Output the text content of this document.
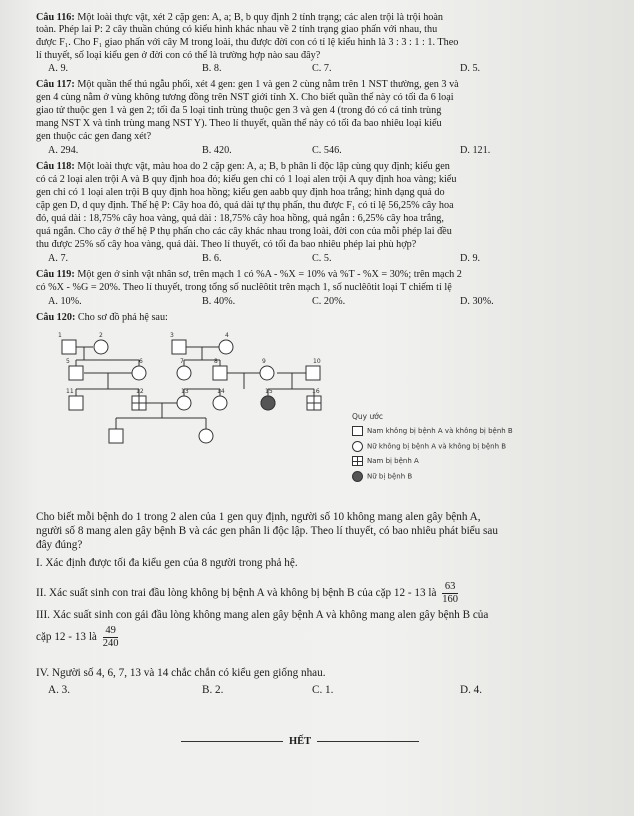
Câu 116: Một loài thực vật, xét 2 cặp gen: A, a; B, b quy định 2 tính trạng; các alen trội là trội hoàn
toàn. Phép lai P: 2 cây thuần chủng có kiểu hình khác nhau về 2 tính trạng giao phấn với nhau, thu
được F₁. Cho F₁ giao phấn với cây M trong loài, thu được đời con có tỉ lệ kiểu hình là 3 : 3 : 1 : 1. Theo
lí thuyết, số loại kiểu gen ở đời con có thể là trường hợp nào sau đây?
A. 9.	B. 8.	C. 7.	D. 5.
Câu 117: Một quần thể thú ngẫu phối, xét 4 gen: gen 1 và gen 2 cùng nằm trên 1 NST thường, gen 3 và
gen 4 cùng nằm ở vùng không tương đồng trên NST giới tính X. Cho biết quần thể này có tối đa 6 loại
giao tử thuộc gen 1 và gen 2; tối đa 5 loại tinh trùng thuộc gen 3 và gen 4 (trong đó có cả tinh trùng
mang NST X và tinh trùng mang NST Y). Theo lí thuyết, quần thể này có tối đa bao nhiêu loại kiểu
gen thuộc các gen đang xét?
A. 294.	B. 420.	C. 546.	D. 121.
Câu 118: Một loài thực vật, màu hoa do 2 cặp gen: A, a; B, b phân li độc lập cùng quy định; kiểu gen
có cả 2 loại alen trội A và B quy định hoa đỏ; kiểu gen chỉ có 1 loại alen trội A quy định hoa vàng; kiểu
gen chỉ có 1 loại alen trội B quy định hoa hồng; kiểu gen aabb quy định hoa trắng; hình dạng quả do
cặp gen D, d quy định. Thế hệ P: Cây hoa đỏ, quả dài tự thụ phấn, thu được F₁ có tỉ lệ 56,25% cây hoa
đỏ, quả dài : 18,75% cây hoa vàng, quả dài : 18,75% cây hoa hồng, quả ngắn : 6,25% cây hoa trắng,
quả ngắn. Cho cây ở thế hệ P thụ phấn cho các cây khác nhau trong loài, đời con của mỗi phép lai đều
thu được 25% số cây hoa vàng, quả dài. Theo lí thuyết, có tối đa bao nhiêu phép lai phù hợp?
A. 7.	B. 6.	C. 5.	D. 9.
Câu 119: Một gen ở sinh vật nhân sơ, trên mạch 1 có %A - %X = 10% và %T - %X = 30%; trên mạch 2
có %X - %G = 20%. Theo lí thuyết, trong tổng số nuclêôtit trên mạch 1, số nuclêôtit loại T chiếm tỉ lệ
A. 10%.	B. 40%.	C. 20%.	D. 30%.
Câu 120: Cho sơ đồ phả hệ sau:
1	2	3	4
5	6	7	8	9	10
11	12	13	14	15	16
Quy ước
Nam không bị bệnh A và không bị bệnh B
Nữ không bị bệnh A và không bị bệnh B
Nam bị bệnh A
Nữ bị bệnh B
Cho biết mỗi bệnh do 1 trong 2 alen của 1 gen quy định, người số 10 không mang alen gây bệnh A,
người số 8 mang alen gây bệnh B và các gen phân li độc lập. Theo lí thuyết, có bao nhiêu phát biểu sau
đây đúng?
I. Xác định được tối đa kiểu gen của 8 người trong phả hệ.
II. Xác suất sinh con trai đầu lòng không bị bệnh A và không bị bệnh B của cặp 12 - 13 là $\frac{63}{160}$
III. Xác suất sinh con gái đầu lòng không mang alen gây bệnh A và không mang alen gây bệnh B của
cặp 12 - 13 là $\frac{49}{240}$
IV. Người số 4, 6, 7, 13 và 14 chắc chắn có kiểu gen giống nhau.
A. 3.	B. 2.	C. 1.	D. 4.
HẾT
